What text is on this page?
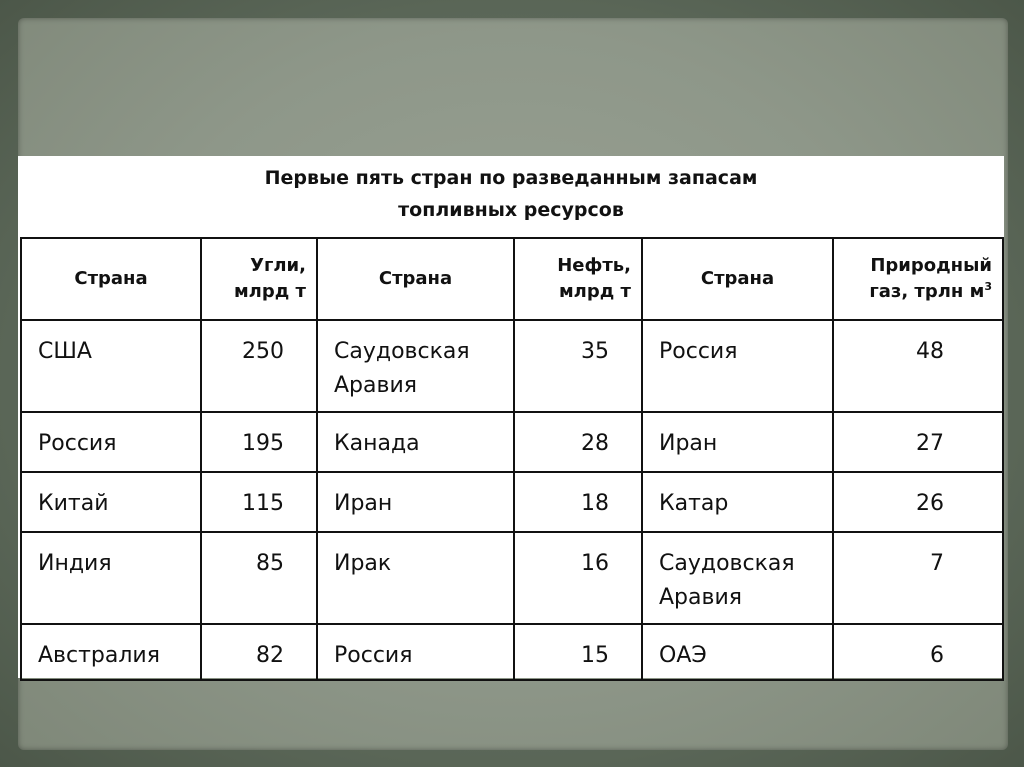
Первые пять стран по разведанным запасам
топливных ресурсов
Страна	Угли, млрд т	Страна	Нефть, млрд т	Страна	Природный газ, трлн $м^3$
США	250	Саудовская Аравия	35	Россия	48
Россия	195	Канада	28	Иран	27
Китай	115	Иран	18	Катар	26
Индия	85	Ирак	16	Саудовская Аравия	7
Австралия	82	Россия	15	ОАЭ	6
